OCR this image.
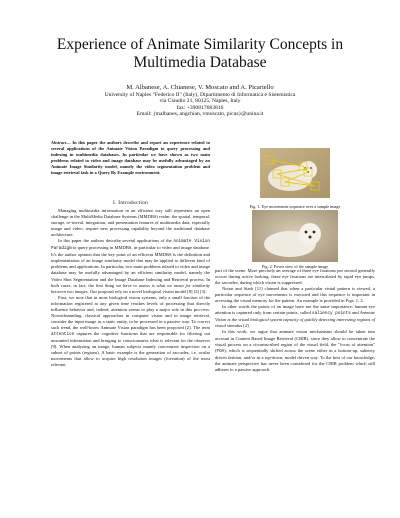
Experience of Animate Similarity Concepts in Multimedia Database
M. Albanese, A. Chianese, V. Moscato and A. Picariello
University of Naples "Federico II" (Italy), Dipartimento di Informatica e Sistemistica
via Claudio 21, 80125, Naples, Italy
fax: +390817683816
Email: {malbanes, angchian, vmoscato, picus}@unina.it
Abstract— In this paper the authors describe and report an experience related to several applications of the Animate Vision Paradigm to query processing and indexing in multimedia databases. In particular we have shown as two main problems related to video and image database may be usefully advantaged by an Animate Image Similarity model, namely the video segmentation problem and image retrieval task in a Query By Example environment.
I. Introduction

Managing multimedia information in an efficient way still represents an open challenge in the MultiMedia Database Systems (MMDBS) realm: the spatial, temporal, storage, re-trieval, integration, and presentation features of multimedia data, especially image and video, require new processing capability beyond the traditional database architecture.

In this paper the authors describe several applications of the Animate Vision Paradigm to query processing in MMDBS, in particular to video and image database. It's the author opinion that the key point of an efficient MMDBS is the definition and implementation of an image similarity model that may be applied to different kind of problems and applications. In particular, two main problems related to video and image database may be usefully advantaged by an efficient similarity model, namely the Video Shot Segmentation and the Image Database Indexing and Retrieval process. In both cases, in fact, the first thing we have to assess is what we mean for similarity between two images. Our proposal rely on a novel biological vision model [8] [2] [3].

First, we note that in most biological vision systems, only a small fraction of the information registered at any given time reaches levels of processing that directly influence behavior and, indeed, attention seems to play a major role in this pro-cess. Notwithstanding, classical approaches in computer vision and in image retrieval, consider the input image as a static entity, to be processed in a passive way. To correct such trend, the well-know Animate Vision paradigm has been proposed [2]. The term attention captures the cognitive functions that are responsible for filtering out unwanted information and bringing to consciousness what is relevant for the observer [9]. When analyzing an image, human subjects mainly concentrate inspection on a subset of points (regions). A basic example is the generation of saccades, i.e. ocular movements that allow to acquire high resolution images (foveation) of the most relevant

Fig. 1. Eye movements sequence over a sample image
Fig. 2. Fovea view of the sample image

part of the scene. More precisely an average of three eye fixations per second generally occurs during active looking; these eye fixations are intercalated by rapid eye jumps, the saccades, during which vision is suppressed.

Noton and Stark [11] claimed that when a particular visual pattern is viewed, a particular sequence of eye movements is executed and this sequence is important in accessing the visual memory for the pattern. An example is provided in Figs. 1, 2.

In other words the points of an image have not the same importance: human eye attention is captured only from certain points, called saliency points and Animate Vision is the visual biological system capacity of quickly detecting interesting regions of visual stimulus [2].

In this work, we argue that animate vision mechanisms should be taken into account in Content Based Image Retrieval (CBIR), since they allow to concentrate the visual process on a circumscribed region of the visual field, the "focus of attention" (FOA), which is sequentially shifted across the scene either in a bottom-up, saliency driven fashion, and/or in a top-down, model driven way. To the best of our knowledge, the animate perspective has never been considered for the CBIR problem which still adheres to a passive approach.
